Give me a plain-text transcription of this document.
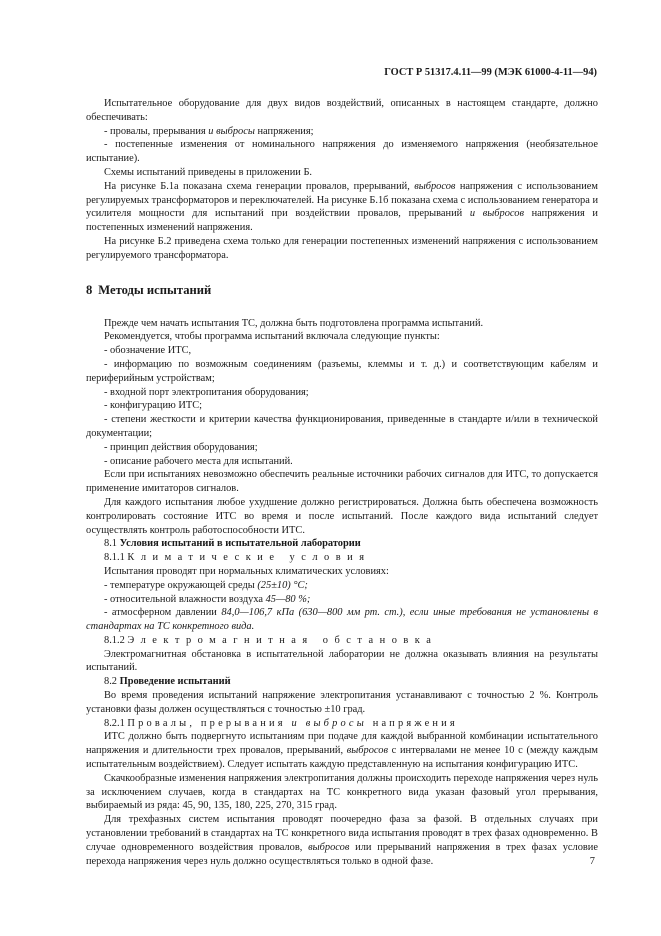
ГОСТ Р 51317.4.11—99 (МЭК 61000-4-11—94)

Испытательное оборудование для двух видов воздействий, описанных в настоящем стандарте, должно обеспечивать:

- провалы, прерывания и выбросы напряжения;

- постепенные изменения от номинального напряжения до изменяемого напряжения (необязательное испытание).

Схемы испытаний приведены в приложении Б.

На рисунке Б.1а показана схема генерации провалов, прерываний, выбросов напряжения с использованием регулируемых трансформаторов и переключателей. На рисунке Б.1б показана схема с использованием генератора и усилителя мощности для испытаний при воздействии провалов, прерываний и выбросов напряжения и постепенных изменений напряжения.

На рисунке Б.2 приведена схема только для генерации постепенных изменений напряжения с использованием регулируемого трансформатора.

8 Методы испытаний

Прежде чем начать испытания ТС, должна быть подготовлена программа испытаний.

Рекомендуется, чтобы программа испытаний включала следующие пункты:

- обозначение ИТС,

- информацию по возможным соединениям (разъемы, клеммы и т. д.) и соответствующим кабелям и периферийным устройствам;

- входной порт электропитания оборудования;

- конфигурацию ИТС;

- степени жесткости и критерии качества функционирования, приведенные в стандарте и/или в технической документации;

- принцип действия оборудования;

- описание рабочего места для испытаний.

Если при испытаниях невозможно обеспечить реальные источники рабочих сигналов для ИТС, то допускается применение имитаторов сигналов.

Для каждого испытания любое ухудшение должно регистрироваться. Должна быть обеспечена возможность контролировать состояние ИТС во время и после испытаний. После каждого вида испытаний следует осуществлять контроль работоспособности ИТС.

8.1 Условия испытаний в испытательной лаборатории

8.1.1 Климатические условия

Испытания проводят при нормальных климатических условиях:

- температуре окружающей среды (25±10) °С;

- относительной влажности воздуха 45—80 %;

- атмосферном давлении 84,0—106,7 кПа (630—800 мм рт. ст.), если иные требования не установлены в стандартах на ТС конкретного вида.

8.1.2 Электромагнитная обстановка

Электромагнитная обстановка в испытательной лаборатории не должна оказывать влияния на результаты испытаний.

8.2 Проведение испытаний

Во время проведения испытаний напряжение электропитания устанавливают с точностью 2 %. Контроль установки фазы должен осуществляться с точностью ±10 град.

8.2.1 Провалы, прерывания и выбросы напряжения

ИТС должно быть подвергнуто испытаниям при подаче для каждой выбранной комбинации испытательного напряжения и длительности трех провалов, прерываний, выбросов с интервалами не менее 10 с (между каждым испытательным воздействием). Следует испытать каждую представленную на испытания конфигурацию ИТС.

Скачкообразные изменения напряжения электропитания должны происходить переходе напряжения через нуль за исключением случаев, когда в стандартах на ТС конкретного вида указан фазовый угол прерывания, выбираемый из ряда: 45, 90, 135, 180, 225, 270, 315 град.

Для трехфазных систем испытания проводят поочередно фаза за фазой. В отдельных случаях при установлении требований в стандартах на ТС конкретного вида испытания проводят в трех фазах одновременно. В случае одновременного воздействия провалов, выбросов или прерываний напряжения в трех фазах условие перехода напряжения через нуль должно осуществляться только в одной фазе.	7
